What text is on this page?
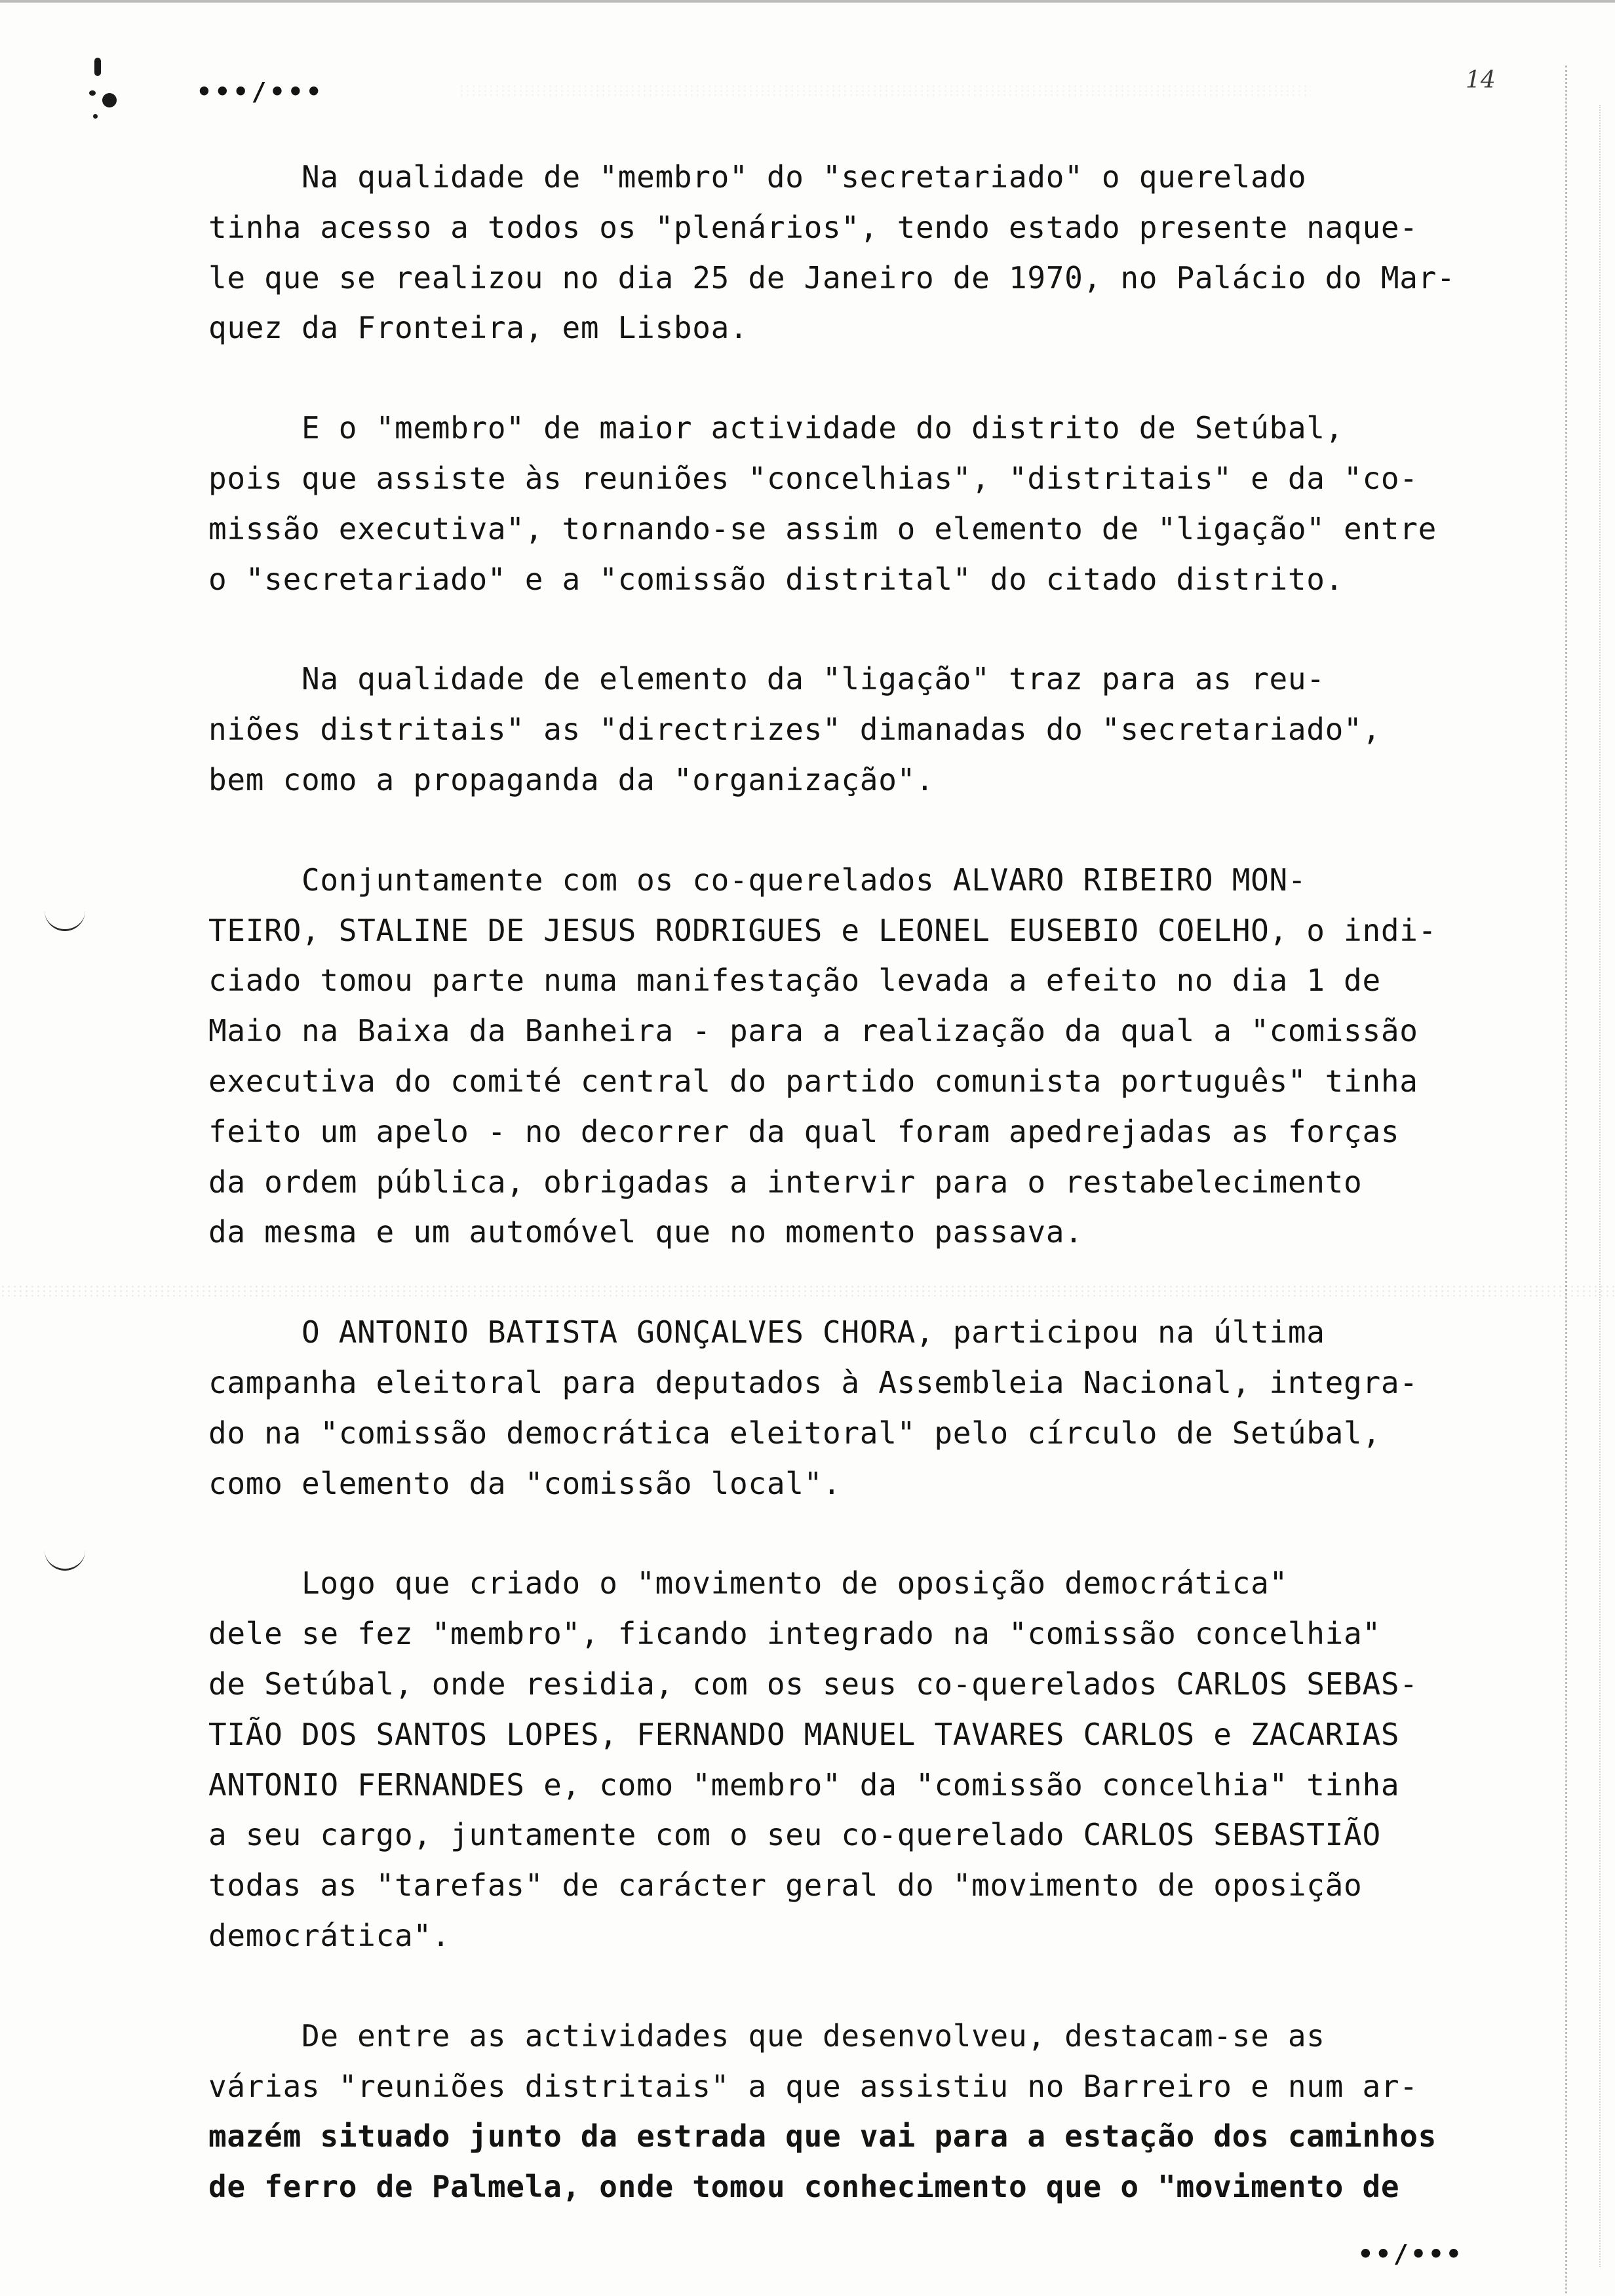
•••/•••	14
Na qualidade de "membro" do "secretariado" o querelado
tinha acesso a todos os "plenários", tendo estado presente naque-
le que se realizou no dia 25 de Janeiro de 1970, no Palácio do Mar-
quez da Fronteira, em Lisboa.
E o "membro" de maior actividade do distrito de Setúbal,
pois que assiste às reuniões "concelhias", "distritais" e da "co-
missão executiva", tornando-se assim o elemento de "ligação" entre
o "secretariado" e a "comissão distrital" do citado distrito.
Na qualidade de elemento da "ligação" traz para as reu-
niões distritais" as "directrizes" dimanadas do "secretariado",
bem como a propaganda da "organização".
Conjuntamente com os co-querelados ALVARO RIBEIRO MON-
TEIRO, STALINE DE JESUS RODRIGUES e LEONEL EUSEBIO COELHO, o indi-
ciado tomou parte numa manifestação levada a efeito no dia 1 de
Maio na Baixa da Banheira - para a realização da qual a "comissão
executiva do comité central do partido comunista português" tinha
feito um apelo - no decorrer da qual foram apedrejadas as forças
da ordem pública, obrigadas a intervir para o restabelecimento
da mesma e um automóvel que no momento passava.
O ANTONIO BATISTA GONÇALVES CHORA, participou na última
campanha eleitoral para deputados à Assembleia Nacional, integra-
do na "comissão democrática eleitoral" pelo círculo de Setúbal,
como elemento da "comissão local".
Logo que criado o "movimento de oposição democrática"
dele se fez "membro", ficando integrado na "comissão concelhia"
de Setúbal, onde residia, com os seus co-querelados CARLOS SEBAS-
TIÃO DOS SANTOS LOPES, FERNANDO MANUEL TAVARES CARLOS e ZACARIAS
ANTONIO FERNANDES e, como "membro" da "comissão concelhia" tinha
a seu cargo, juntamente com o seu co-querelado CARLOS SEBASTIÃO
todas as "tarefas" de carácter geral do "movimento de oposição
democrática".
De entre as actividades que desenvolveu, destacam-se as
várias "reuniões distritais" a que assistiu no Barreiro e num ar-
mazém situado junto da estrada que vai para a estação dos caminhos
de ferro de Palmela, onde tomou conhecimento que o "movimento de
••/•••
